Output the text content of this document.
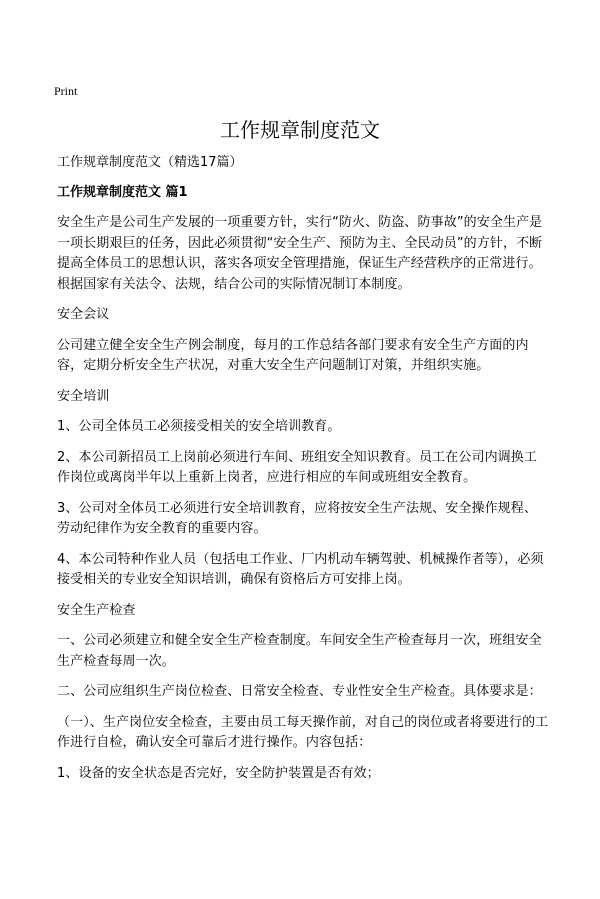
Print
工作规章制度范文
工作规章制度范文（精选17篇）
工作规章制度范文 篇1

安全生产是公司生产发展的一项重要方针，实行“防火、防盗、防事故”的安全生产是一项长期艰巨的任务，因此必须贯彻“安全生产、预防为主、全民动员”的方针，不断提高全体员工的思想认识，落实各项安全管理措施，保证生产经营秩序的正常进行。根据国家有关法令、法规，结合公司的实际情况制订本制度。

安全会议

公司建立健全安全生产例会制度，每月的工作总结各部门要求有安全生产方面的内容，定期分析安全生产状况，对重大安全生产问题制订对策，并组织实施。

安全培训

1、公司全体员工必须接受相关的安全培训教育。

2、本公司新招员工上岗前必须进行车间、班组安全知识教育。员工在公司内调换工作岗位或离岗半年以上重新上岗者，应进行相应的车间或班组安全教育。

3、公司对全体员工必须进行安全培训教育，应将按安全生产法规、安全操作规程、劳动纪律作为安全教育的重要内容。

4、本公司特种作业人员（包括电工作业、厂内机动车辆驾驶、机械操作者等），必须接受相关的专业安全知识培训，确保有资格后方可安排上岗。

安全生产检查

一、公司必须建立和健全安全生产检查制度。车间安全生产检查每月一次，班组安全生产检查每周一次。

二、公司应组织生产岗位检查、日常安全检查、专业性安全生产检查。具体要求是：

（一）、生产岗位安全检查，主要由员工每天操作前，对自己的岗位或者将要进行的工作进行自检，确认安全可靠后才进行操作。内容包括：

1、设备的安全状态是否完好，安全防护装置是否有效；
